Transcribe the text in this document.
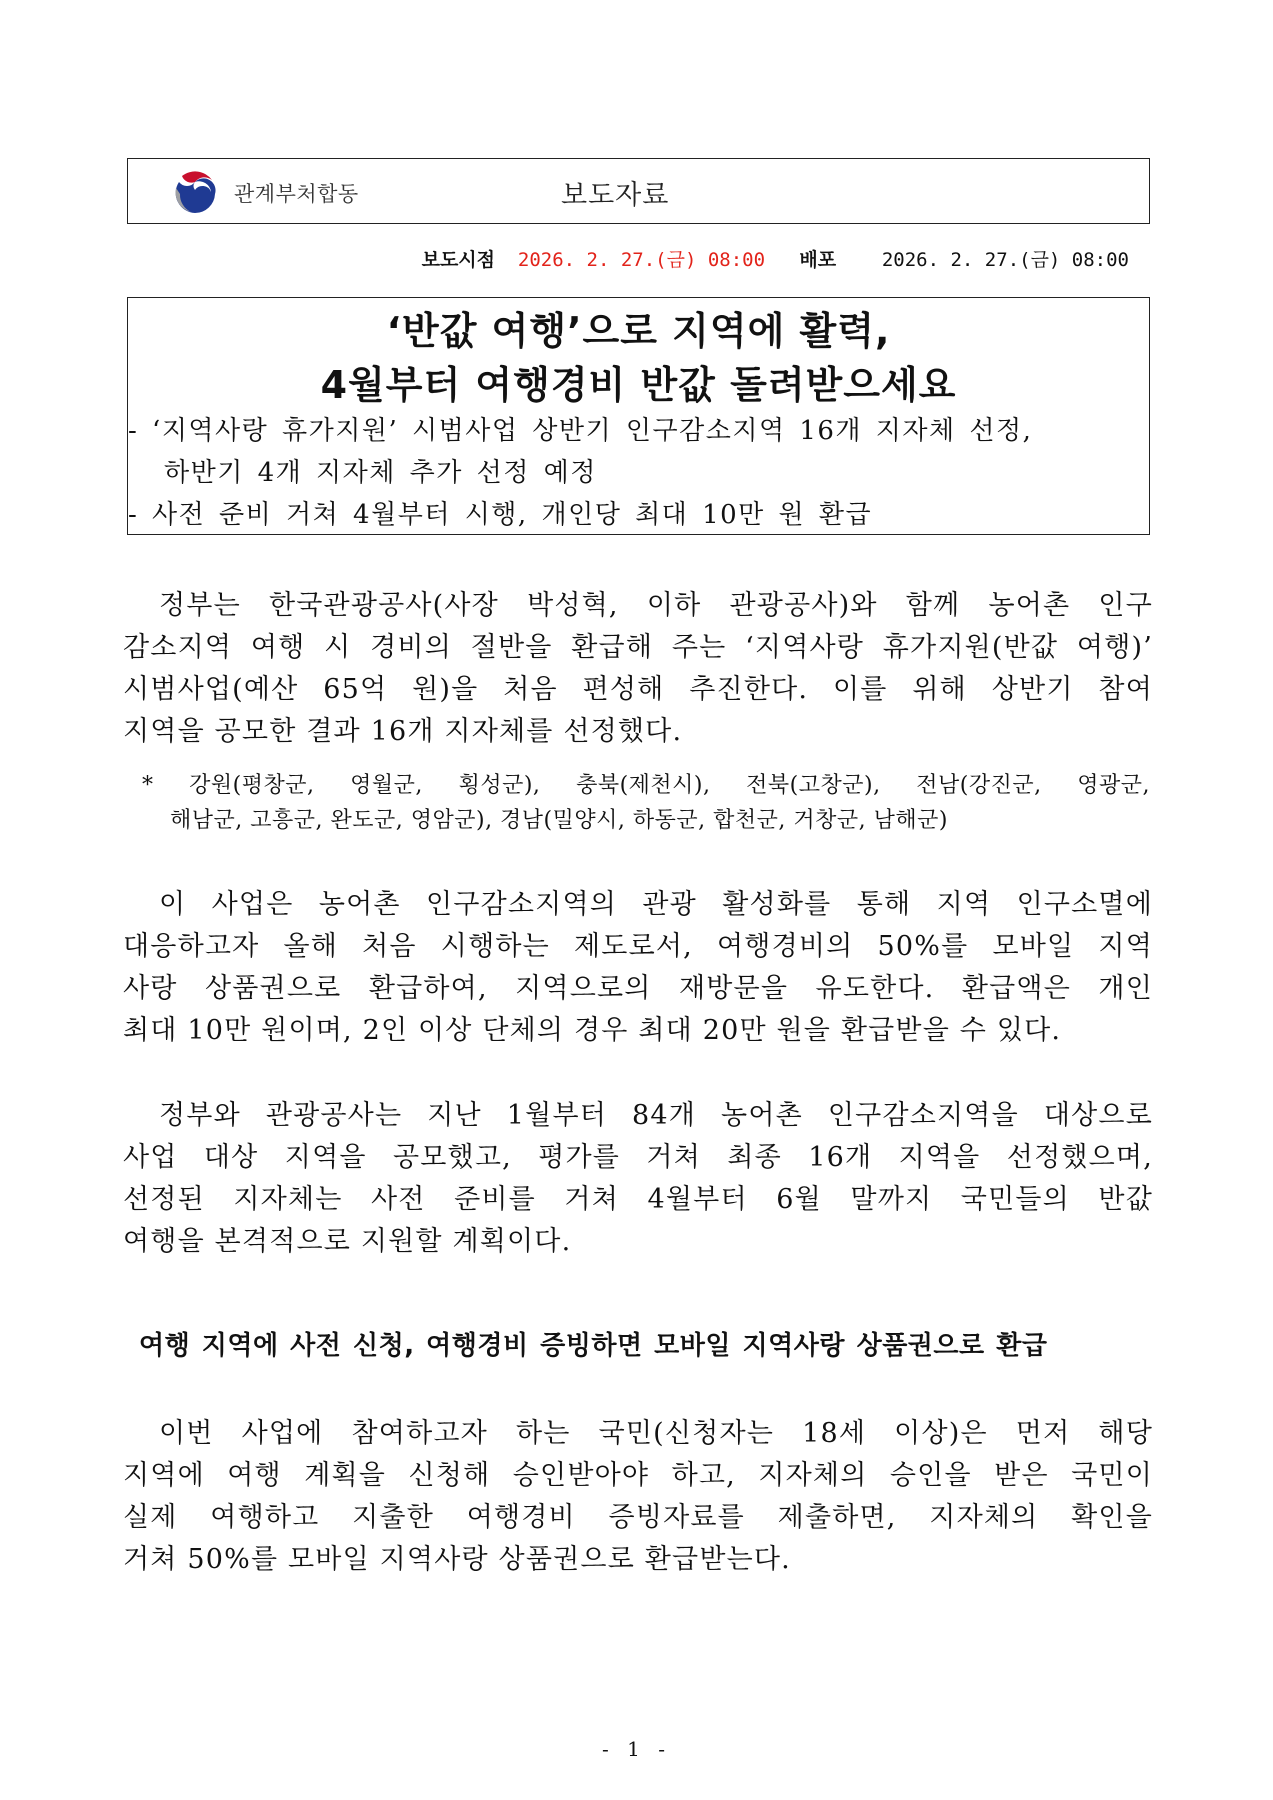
관계부처합동	보도자료
보도시점 2026. 2. 27.(금) 08:00 배포 2026. 2. 27.(금) 08:00
‘반값 여행’으로 지역에 활력,
4월부터 여행경비 반값 돌려받으세요
- ‘지역사랑 휴가지원’ 시범사업 상반기 인구감소지역 16개 지자체 선정,
하반기 4개 지자체 추가 선정 예정
- 사전 준비 거쳐 4월부터 시행, 개인당 최대 10만 원 환급
정부는 한국관광공사(사장 박성혁, 이하 관광공사)와 함께 농어촌 인구
감소지역 여행 시 경비의 절반을 환급해 주는 ‘지역사랑 휴가지원(반값 여행)’
시범사업(예산 65억 원)을 처음 편성해 추진한다. 이를 위해 상반기 참여
지역을 공모한 결과 16개 지자체를 선정했다.
* 강원(평창군, 영월군, 횡성군), 충북(제천시), 전북(고창군), 전남(강진군, 영광군,
해남군, 고흥군, 완도군, 영암군), 경남(밀양시, 하동군, 합천군, 거창군, 남해군)
이 사업은 농어촌 인구감소지역의 관광 활성화를 통해 지역 인구소멸에
대응하고자 올해 처음 시행하는 제도로서, 여행경비의 50%를 모바일 지역
사랑 상품권으로 환급하여, 지역으로의 재방문을 유도한다. 환급액은 개인
최대 10만 원이며, 2인 이상 단체의 경우 최대 20만 원을 환급받을 수 있다.
정부와 관광공사는 지난 1월부터 84개 농어촌 인구감소지역을 대상으로
사업 대상 지역을 공모했고, 평가를 거쳐 최종 16개 지역을 선정했으며,
선정된 지자체는 사전 준비를 거쳐 4월부터 6월 말까지 국민들의 반값
여행을 본격적으로 지원할 계획이다.
여행 지역에 사전 신청, 여행경비 증빙하면 모바일 지역사랑 상품권으로 환급
이번 사업에 참여하고자 하는 국민(신청자는 18세 이상)은 먼저 해당
지역에 여행 계획을 신청해 승인받아야 하고, 지자체의 승인을 받은 국민이
실제 여행하고 지출한 여행경비 증빙자료를 제출하면, 지자체의 확인을
거쳐 50%를 모바일 지역사랑 상품권으로 환급받는다.
- 1 -
